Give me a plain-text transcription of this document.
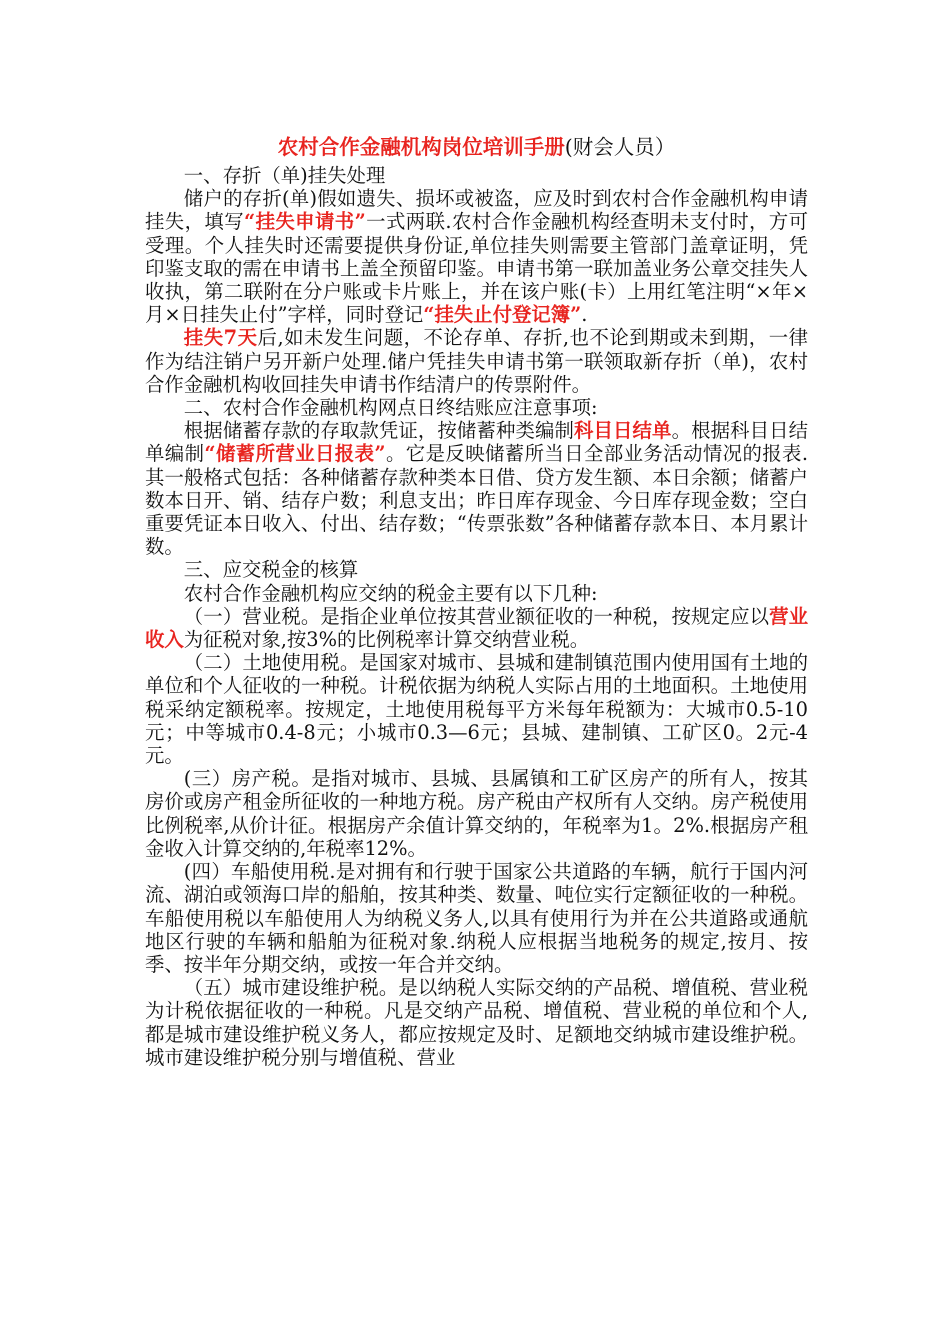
农村合作金融机构岗位培训手册(财会人员）

一、存折（单)挂失处理

储户的存折(单)假如遗失、损坏或被盗，应及时到农村合作金融机构申请挂失，填写“挂失申请书”一式两联.农村合作金融机构经查明未支付时，方可受理。个人挂失时还需要提供身份证,单位挂失则需要主管部门盖章证明，凭印鉴支取的需在申请书上盖全预留印鉴。申请书第一联加盖业务公章交挂失人收执，第二联附在分户账或卡片账上，并在该户账(卡）上用红笔注明“×年×月×日挂失止付”字样，同时登记“挂失止付登记簿”.

挂失7天后,如未发生问题，不论存单、存折,也不论到期或未到期，一律作为结注销户另开新户处理.储户凭挂失申请书第一联领取新存折（单)，农村合作金融机构收回挂失申请书作结清户的传票附件。

二、农村合作金融机构网点日终结账应注意事项:

根据储蓄存款的存取款凭证，按储蓄种类编制科目日结单。根据科目日结单编制“储蓄所营业日报表”。它是反映储蓄所当日全部业务活动情况的报表.其一般格式包括：各种储蓄存款种类本日借、贷方发生额、本日余额；储蓄户数本日开、销、结存户数；利息支出；昨日库存现金、今日库存现金数；空白重要凭证本日收入、付出、结存数；“传票张数”各种储蓄存款本日、本月累计数。

三、应交税金的核算

农村合作金融机构应交纳的税金主要有以下几种:

（一）营业税。是指企业单位按其营业额征收的一种税，按规定应以营业收入为征税对象,按3%的比例税率计算交纳营业税。

（二）土地使用税。是国家对城市、县城和建制镇范围内使用国有土地的单位和个人征收的一种税。计税依据为纳税人实际占用的土地面积。土地使用税采纳定额税率。按规定，土地使用税每平方米每年税额为：大城市0.5-10元；中等城市0.4-8元；小城市0.3—6元；县城、建制镇、工矿区0。2元-4元。

(三）房产税。是指对城市、县城、县属镇和工矿区房产的所有人，按其房价或房产租金所征收的一种地方税。房产税由产权所有人交纳。房产税使用比例税率,从价计征。根据房产余值计算交纳的，年税率为1。2%.根据房产租金收入计算交纳的,年税率12%。

(四）车船使用税.是对拥有和行驶于国家公共道路的车辆，航行于国内河流、湖泊或领海口岸的船舶，按其种类、数量、吨位实行定额征收的一种税。车船使用税以车船使用人为纳税义务人,以具有使用行为并在公共道路或通航地区行驶的车辆和船舶为征税对象.纳税人应根据当地税务的规定,按月、按季、按半年分期交纳，或按一年合并交纳。

（五）城市建设维护税。是以纳税人实际交纳的产品税、增值税、营业税为计税依据征收的一种税。凡是交纳产品税、增值税、营业税的单位和个人,都是城市建设维护税义务人，都应按规定及时、足额地交纳城市建设维护税。城市建设维护税分别与增值税、营业
